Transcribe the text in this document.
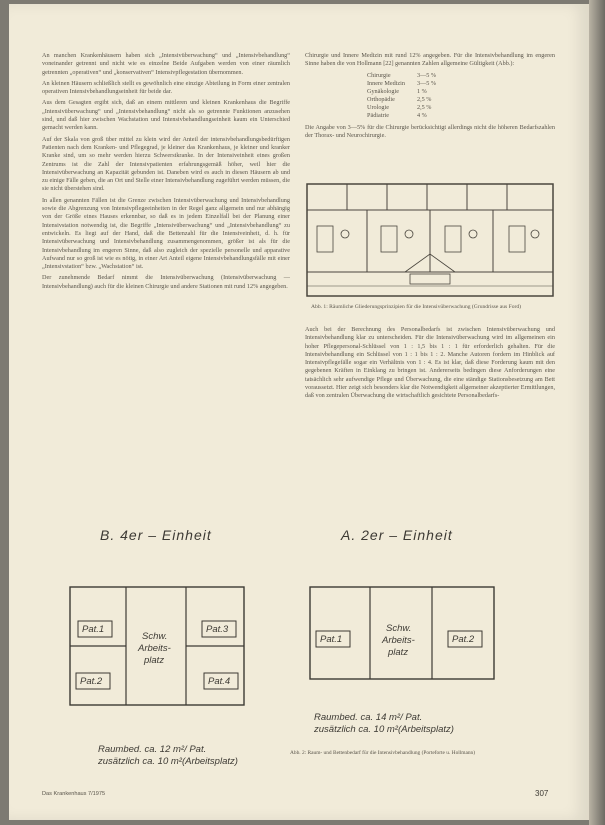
An manchen Krankenhäusern haben sich „Intensivüberwachung“ und „Intensivbehandlung“ voneinander getrennt und nicht wie es einzelne Beide Aufgaben werden von einer räumlich getrennten „operativen“ und „konservativen“ Intensivpflegestation übernommen.

An kleinen Häusern schließlich stellt es gewöhnlich eine einzige Abteilung in Form einer zentralen operativen Intensivbehandlungseinheit für beide dar.

Aus dem Gesagten ergibt sich, daß an einem mittleren und kleinen Krankenhaus die Begriffe „Intensivüberwachung“ und „Intensivbehandlung“ nicht als so getrennte Funktionen anzusehen sind, und daß hier zwischen Wachstation und Intensivbehandlungseinheit kaum ein Unterschied gemacht werden kann.

Auf der Skala von groß über mittel zu klein wird der Anteil der intensivbehandlungsbedürftigen Patienten nach dem Kranken- und Pflegegrad, je kleiner das Krankenhaus, je kleiner und kranker Kranke sind, um so mehr werden hierzu Schwerstkranke. In der Intensiveinheit eines großen Zentrums ist die Zahl der Intensivpatienten erfahrungsgemäß höher, weil hier die Intensivüberwachung an Kapazität gebunden ist. Daneben wird es auch in diesen Häusern ab und zu einige Fälle geben, die an Ort und Stelle einer Intensivbehandlung zugeführt werden müssen, die sie nicht überstehen sind.

In allen genannten Fällen ist die Grenze zwischen Intensivüberwachung und Intensivbehandlung sowie die Abgrenzung von Intensivpflegeeinheiten in der Regel ganz allgemein und nur abhängig von der Größe eines Hauses erkennbar, so daß es in jedem Einzelfall bei der Planung einer Intensivstation notwendig ist, die Begriffe „Intensivüberwachung“ und „Intensivbehandlung“ zu entwickeln. Es liegt auf der Hand, daß die Bettenzahl für die Intensiveinheit, d. h. für Intensivüberwachung und Intensivbehandlung zusammengenommen, größer ist als für die Intensivbehandlung im engeren Sinne, daß also zugleich der spezielle personelle und apparative Aufwand nur so groß ist wie es nötig, in einer Art Anteil eigene Intensivbehandlungsfälle mit einer „Intensivstation“ bzw. „Wachstation“ ist.

Der zunehmende Bedarf nimmt die Intensivüberwachung (Intensivüberwachung — Intensivbehandlung) auch für die kleinen Chirurgie und andere Stationen mit rund 12% angegeben.

Chirurgie und Innere Medizin mit rund 12% angegeben. Für die Intensivbehandlung im engeren Sinne haben die von Hollmann [22] genannten Zahlen allgemeine Gültigkeit (Abb.):

Chirurgie	3—5 %
Innere Medizin	3—5 %
Gynäkologie	1 %
Orthopädie	2,5 %
Urologie	2,5 %
Pädiatrie	4 %

Die Angabe von 3—5% für die Chirurgie berücksichtigt allerdings nicht die höheren Bedarfszahlen der Thorax- und Neurochirurgie.

Abb. 1: Räumliche Gliederungsprinzipien für die Intensivüberwachung (Grundrisse aus Ford)

Auch bei der Berechnung des Personalbedarfs ist zwischen Intensivüberwachung und Intensivbehandlung klar zu unterscheiden. Für die Intensivüberwachung wird im allgemeinen ein hoher Pflegepersonal-Schlüssel von 1 : 1,5 bis 1 : 1 für erforderlich gehalten. Für die Intensivbehandlung ein Schlüssel von 1 : 1 bis 1 : 2. Manche Autoren fordern im Hinblick auf Intensivpflegefälle sogar ein Verhältnis von 1 : 4. Es ist klar, daß diese Forderung kaum mit den gegebenen Kräften in Einklang zu bringen ist. Andererseits bedingen diese Anforderungen eine tatsächlich sehr aufwendige Pflege und Überwachung, die eine ständige Stationsbesetzung am Bett voraussetzt. Hier zeigt sich besonders klar die Notwendigkeit allgemeiner akzeptierter Ermittlungen, daß von zentralen Überwachung die wirtschaftlich gesichtete Personalbedarfs-

B. 4er – Einheit
Pat.1
Pat.2
Pat.3
Pat.4
Schw.
Arbeits-
platz
Raumbed. ca. 12 m²/ Pat.
zusätzlich ca. 10 m²(Arbeitsplatz)
A. 2er – Einheit
Pat.1	Pat.2
Schw.
Arbeits-
platz
Raumbed. ca. 14 m²/ Pat.
zusätzlich ca. 10 m²(Arbeitsplatz)
Abb. 2: Raum- und Bettenbedarf für die Intensivbehandlung (Porteforte u. Hollmann)
Das Krankenhaus 7/1975	307
